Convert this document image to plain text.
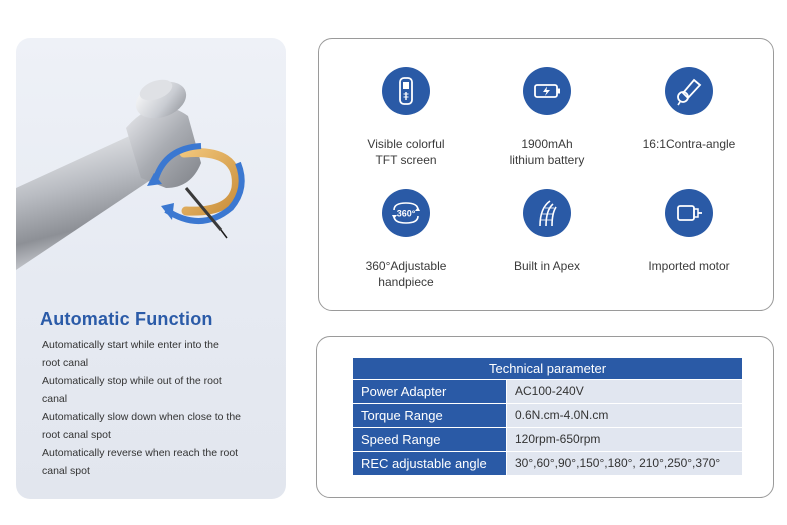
Automatic Function
Automatically start while enter into the
root canal
Automatically stop while out of the root
canal
Automatically slow down when close to the
root canal spot
Automatically reverse when reach the root
canal spot
Visible colorful
TFT screen
1900mAh
lithium battery
16:1Contra-angle
360°
360°Adjustable
handpiece
Built in Apex	Imported motor
Technical parameter
Power Adapter	AC100-240V
Torque Range	0.6N.cm-4.0N.cm
Speed Range	120rpm-650rpm
REC adjustable angle	30°,60°,90°,150°,180°, 210°,250°,370°
